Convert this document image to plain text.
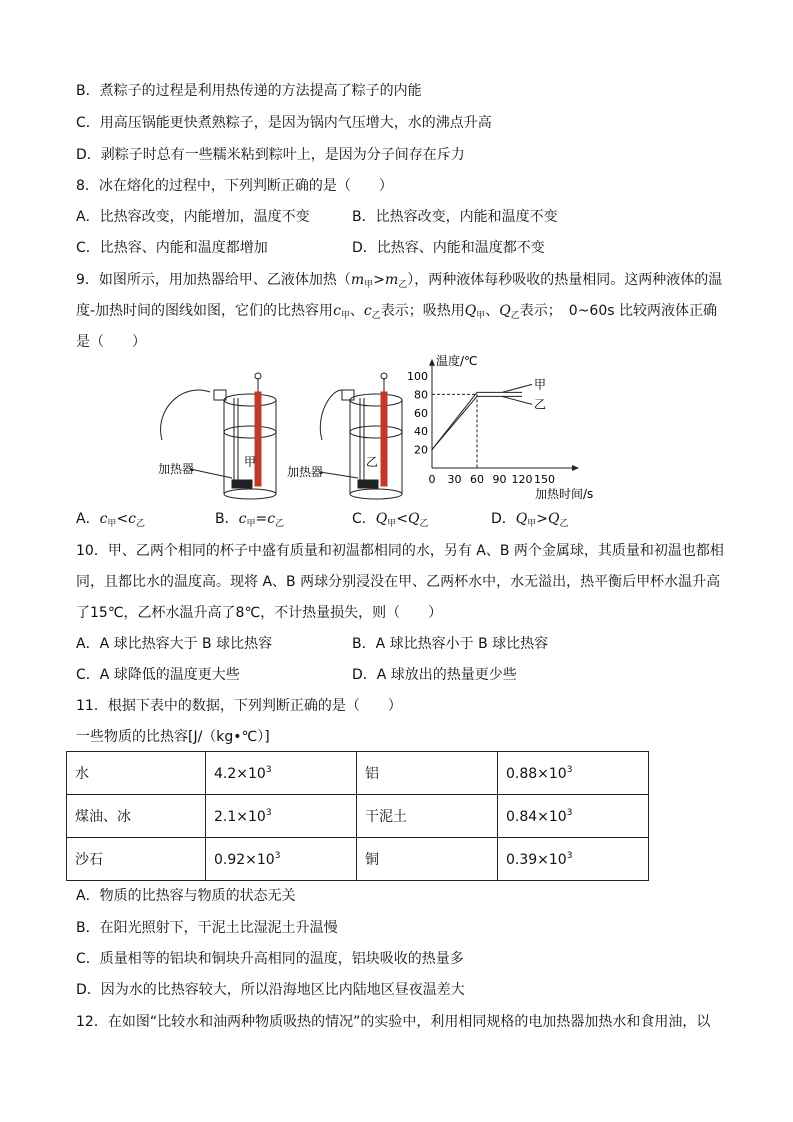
B．煮粽子的过程是利用热传递的方法提高了粽子的内能
C．用高压锅能更快煮熟粽子，是因为锅内气压增大，水的沸点升高
D．剥粽子时总有一些糯米粘到粽叶上，是因为分子间存在斥力
8．冰在熔化的过程中，下列判断正确的是（　　）
A．比热容改变，内能增加，温度不变	B．比热容改变，内能和温度不变
C．比热容、内能和温度都增加	D．比热容、内能和温度都不变
9．如图所示，用加热器给甲、乙液体加热$(m_甲>m_乙)$，两种液体每秒吸收的热量相同。这两种液体的温
度-加热时间的图线如图，它们的比热容用$c_甲$、$c_乙$表示；吸热用$Q_甲$、$Q_乙$表示；　0~60s 比较两液体正确
是（　　）
加热器	甲
加热器
乙
0 30 60 90 120 150
20
40
60
80
100
温度/℃
加热时间/s
甲
乙
A．$c_甲<c_乙$	B．$c_甲=c_乙$	C．$Q_甲<Q_乙$	D．$Q_甲>Q_乙$
10．甲、乙两个相同的杯子中盛有质量和初温都相同的水，另有 A、B 两个金属球，其质量和初温也都相
同，且都比水的温度高。现将 A、B 两球分别浸没在甲、乙两杯水中，水无溢出，热平衡后甲杯水温升高
了15℃，乙杯水温升高了8℃，不计热量损失，则（　　）
A．A 球比热容大于 B 球比热容	B．A 球比热容小于 B 球比热容
C．A 球降低的温度更大些	D．A 球放出的热量更少些
11．根据下表中的数据，下列判断正确的是（　　）
一些物质的比热容[J/（kg•℃）]
水	$4.2\times 10^3$	铝	$0.88\times 10^3$
煤油、冰	$2.1\times 10^3$	干泥土	$0.84\times 10^3$
沙石	$0.92\times 10^3$	铜	$0.39\times 10^3$
A．物质的比热容与物质的状态无关
B．在阳光照射下，干泥土比湿泥土升温慢
C．质量相等的铝块和铜块升高相同的温度，铝块吸收的热量多
D．因为水的比热容较大，所以沿海地区比内陆地区昼夜温差大
12．在如图“比较水和油两种物质吸热的情况”的实验中，利用相同规格的电加热器加热水和食用油，以
